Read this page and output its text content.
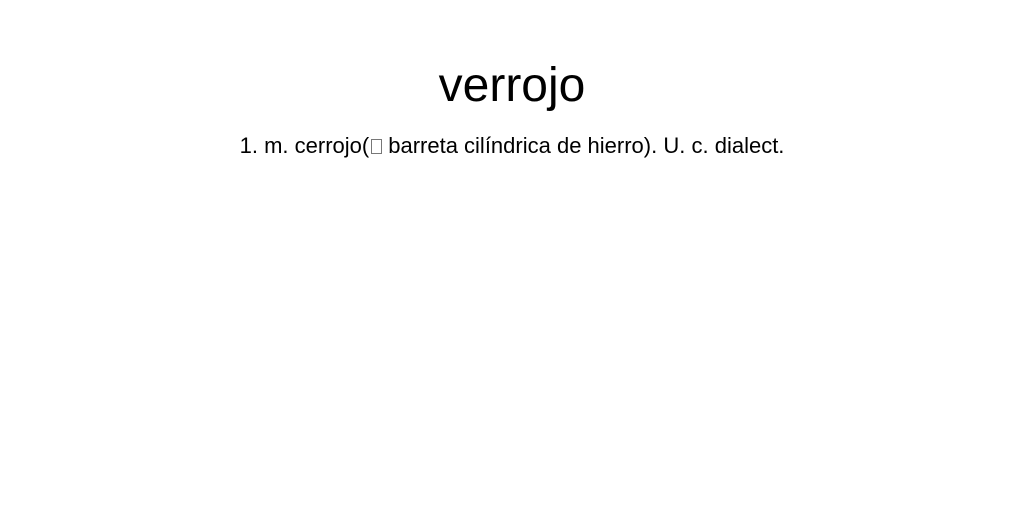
verrojo
1. m. cerrojo( barreta cilíndrica de hierro). U. c. dialect.
